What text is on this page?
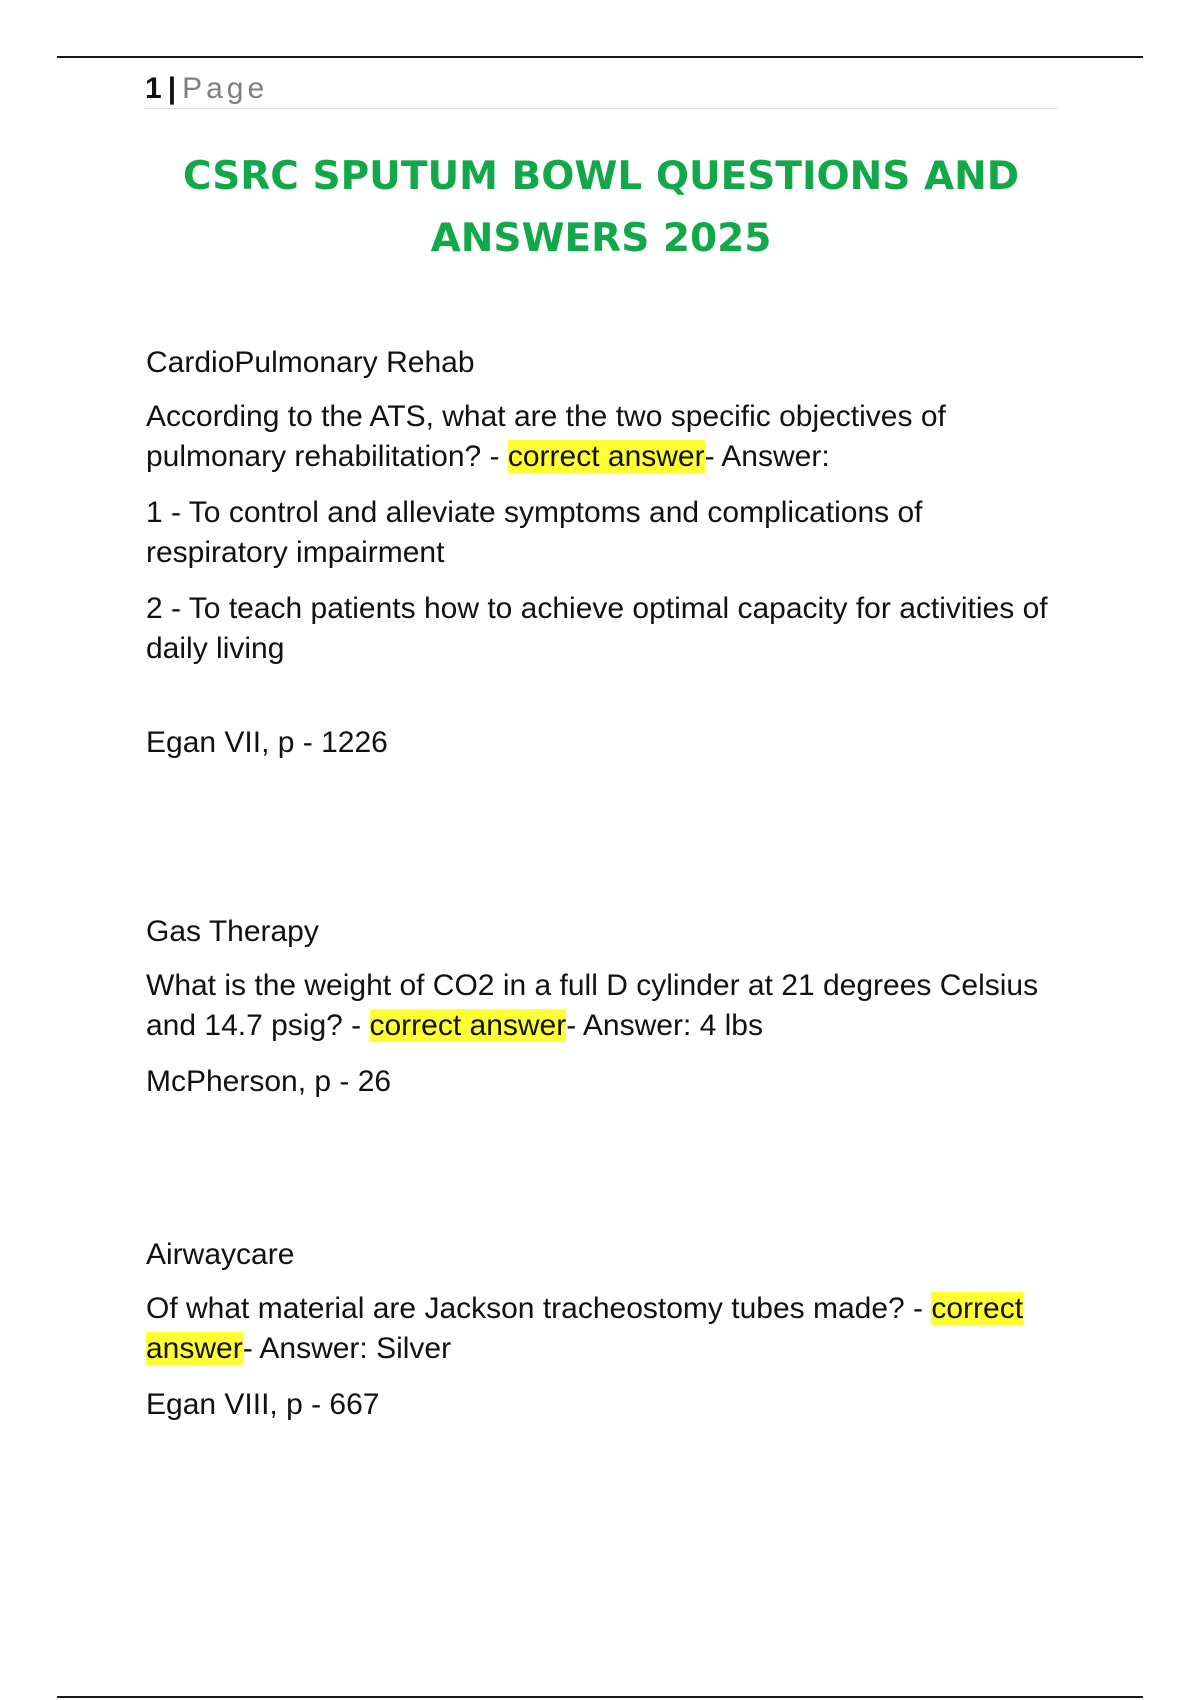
1 | Page
CSRC SPUTUM BOWL QUESTIONS AND
ANSWERS 2025

CardioPulmonary Rehab

According to the ATS, what are the two specific objectives of pulmonary rehabilitation? - correct answer- Answer:

1 - To control and alleviate symptoms and complications of respiratory impairment

2 - To teach patients how to achieve optimal capacity for activities of daily living

Egan VII, p - 1226

Gas Therapy

What is the weight of CO2 in a full D cylinder at 21 degrees Celsius and 14.7 psig? - correct answer- Answer: 4 lbs

McPherson, p - 26

Airwaycare

Of what material are Jackson tracheostomy tubes made? - correct answer- Answer: Silver

Egan VIII, p - 667
